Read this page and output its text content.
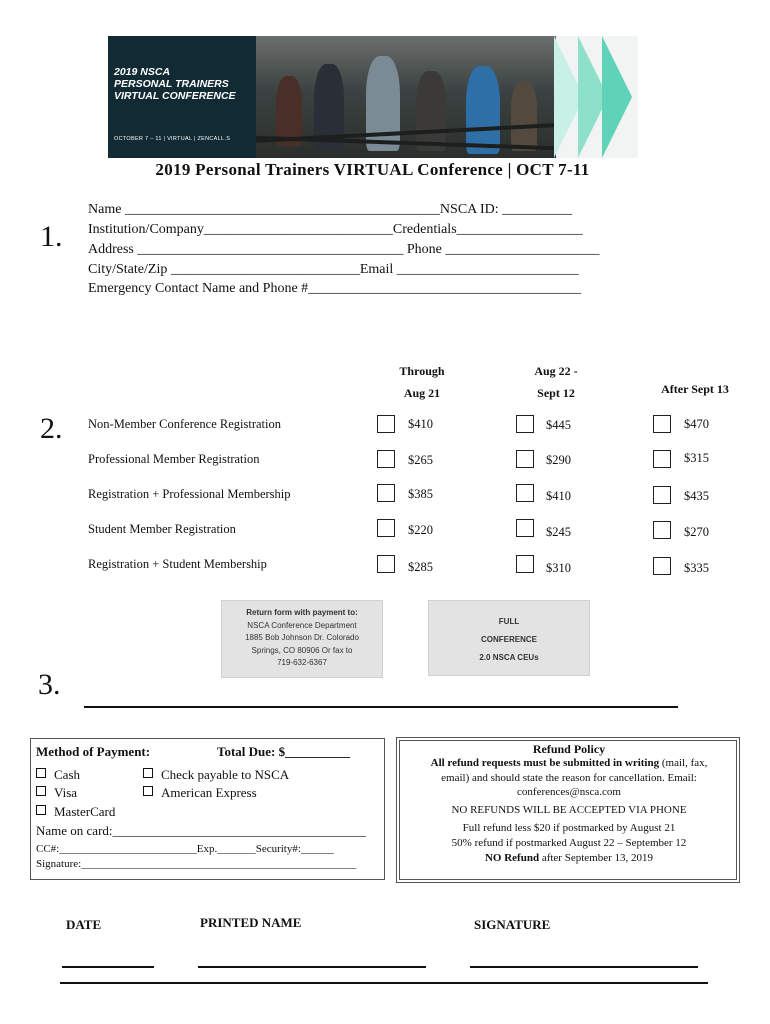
2019 NSCA
PERSONAL TRAINERS
VIRTUAL CONFERENCE
OCTOBER 7 – 11 | VIRTUAL | ZENCALL.S
2019 Personal Trainers VIRTUAL Conference | OCT 7-11
1.
Name _____________________________________________NSCA ID: __________
Institution/Company___________________________Credentials__________________
Address ______________________________________ Phone ______________________
City/State/Zip ___________________________Email __________________________
Emergency Contact Name and Phone #_______________________________________
Through
Aug 21
Aug 22 -
Sept 12	After Sept 13
2. Non-Member Conference Registration	$410	$445	$470
Professional Member Registration	$265	$290	$315
Registration + Professional Membership	$385	$410	$435
Student Member Registration	$220	$245	$270
Registration + Student Membership	$285	$310	$335
Return form with payment to:
NSCA Conference Department
1885 Bob Johnson Dr. Colorado
Springs, CO 80906 Or fax to
719-632-6367
FULL
CONFERENCE
2.0 NSCA CEUs
3.
Method of Payment:	Total Due: $__________
Cash
Visa
MasterCard
Check payable to NSCA
American Express
Name on card:_______________________________________
CC#:_________________________Exp._______Security#:______
Signature:__________________________________________________
Refund Policy
All refund requests must be submitted in writing (mail, fax,
email) and should state the reason for cancellation. Email:
conferences@nsca.com
NO REFUNDS WILL BE ACCEPTED VIA PHONE
Full refund less $20 if postmarked by August 21
50% refund if postmarked August 22 – September 12
NO Refund after September 13, 2019
DATE	PRINTED NAME	SIGNATURE
